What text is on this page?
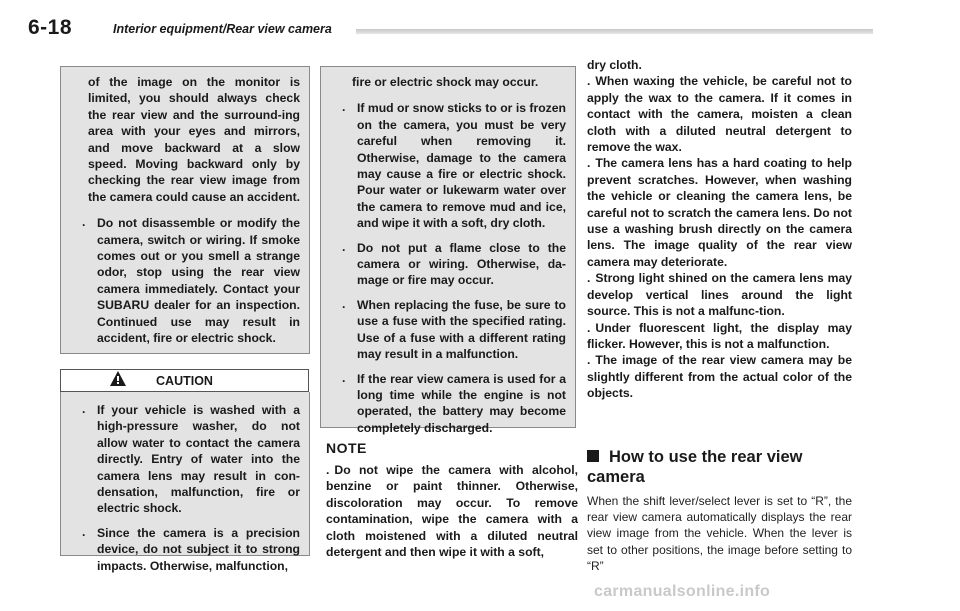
6-18	Interior equipment/Rear view camera

of the image on the monitor is limited, you should always check the rear view and the surround-ing area with your eyes and mirrors, and move backward at a slow speed. Moving backward only by checking the rear view image from the camera could cause an accident.

. Do not disassemble or modify the camera, switch or wiring. If smoke comes out or you smell a strange odor, stop using the rear view camera immediately. Contact your SUBARU dealer for an inspection. Continued use may result in accident, fire or electric shock.

CAUTION

. If your vehicle is washed with a high-pressure washer, do not allow water to contact the camera directly. Entry of water into the camera lens may result in con-densation, malfunction, fire or electric shock.

. Since the camera is a precision device, do not subject it to strong impacts. Otherwise, malfunction,

fire or electric shock may occur.

. If mud or snow sticks to or is frozen on the camera, you must be very careful when removing it. Otherwise, damage to the camera may cause a fire or electric shock. Pour water or lukewarm water over the camera to remove mud and ice, and wipe it with a soft, dry cloth.

. Do not put a flame close to the camera or wiring. Otherwise, da-mage or fire may occur.

. When replacing the fuse, be sure to use a fuse with the specified rating. Use of a fuse with a different rating may result in a malfunction.

. If the rear view camera is used for a long time while the engine is not operated, the battery may become completely discharged.

NOTE
. Do not wipe the camera with alcohol, benzine or paint thinner. Otherwise, discoloration may occur. To remove contamination, wipe the camera with a cloth moistened with a diluted neutral detergent and then wipe it with a soft,

dry cloth.

. When waxing the vehicle, be careful not to apply the wax to the camera. If it comes in contact with the camera, moisten a clean cloth with a diluted neutral detergent to remove the wax.

. The camera lens has a hard coating to help prevent scratches. However, when washing the vehicle or cleaning the camera lens, be careful not to scratch the camera lens. Do not use a washing brush directly on the camera lens. The image quality of the rear view camera may deteriorate.

. Strong light shined on the camera lens may develop vertical lines around the light source. This is not a malfunc-tion.

. Under fluorescent light, the display may flicker. However, this is not a malfunction.

. The image of the rear view camera may be slightly different from the actual color of the objects.

How to use the rear view camera
When the shift lever/select lever is set to “R”, the rear view camera automatically displays the rear view image from the vehicle. When the lever is set to other positions, the image before setting to “R”
carmanualsonline.info
